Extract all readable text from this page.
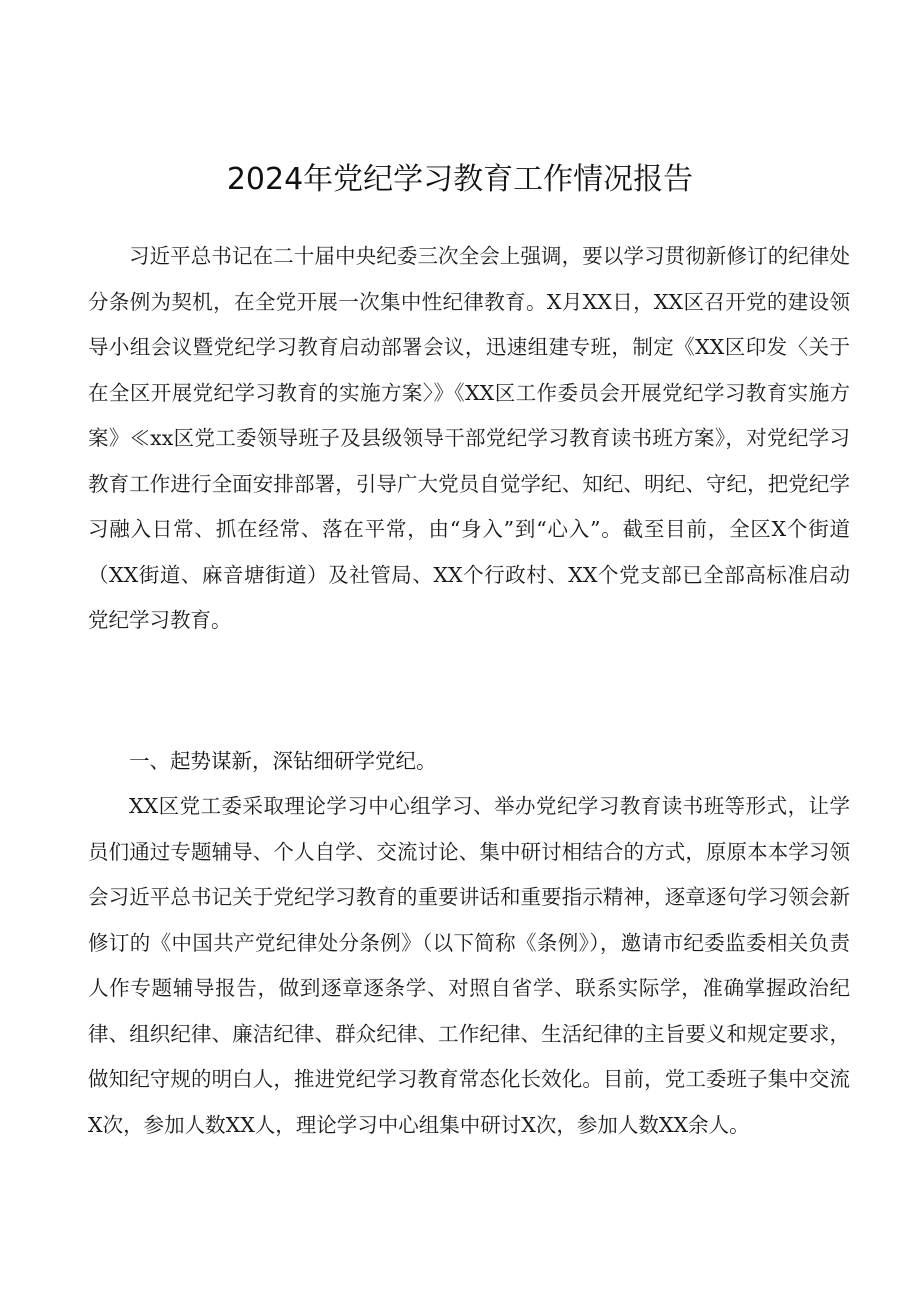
2024年党纪学习教育工作情况报告

习近平总书记在二十届中央纪委三次全会上强调，要以学习贯彻新修订的纪律处分条例为契机，在全党开展一次集中性纪律教育。X月XX日，XX区召开党的建设领导小组会议暨党纪学习教育启动部署会议，迅速组建专班，制定《XX区印发〈关于在全区开展党纪学习教育的实施方案〉》《XX区工作委员会开展党纪学习教育实施方案》≪xx区党工委领导班子及县级领导干部党纪学习教育读书班方案》，对党纪学习教育工作进行全面安排部署，引导广大党员自觉学纪、知纪、明纪、守纪，把党纪学习融入日常、抓在经常、落在平常，由“身入”到“心入”。截至目前，全区X个街道（XX街道、麻音塘街道）及社管局、XX个行政村、XX个党支部已全部高标准启动党纪学习教育。

一、起势谋新，深钻细研学党纪。

XX区党工委采取理论学习中心组学习、举办党纪学习教育读书班等形式，让学员们通过专题辅导、个人自学、交流讨论、集中研讨相结合的方式，原原本本学习领会习近平总书记关于党纪学习教育的重要讲话和重要指示精神，逐章逐句学习领会新修订的《中国共产党纪律处分条例》（以下简称《条例》），邀请市纪委监委相关负责人作专题辅导报告，做到逐章逐条学、对照自省学、联系实际学，准确掌握政治纪律、组织纪律、廉洁纪律、群众纪律、工作纪律、生活纪律的主旨要义和规定要求，做知纪守规的明白人，推进党纪学习教育常态化长效化。目前，党工委班子集中交流X次，参加人数XX人，理论学习中心组集中研讨X次，参加人数XX余人。
